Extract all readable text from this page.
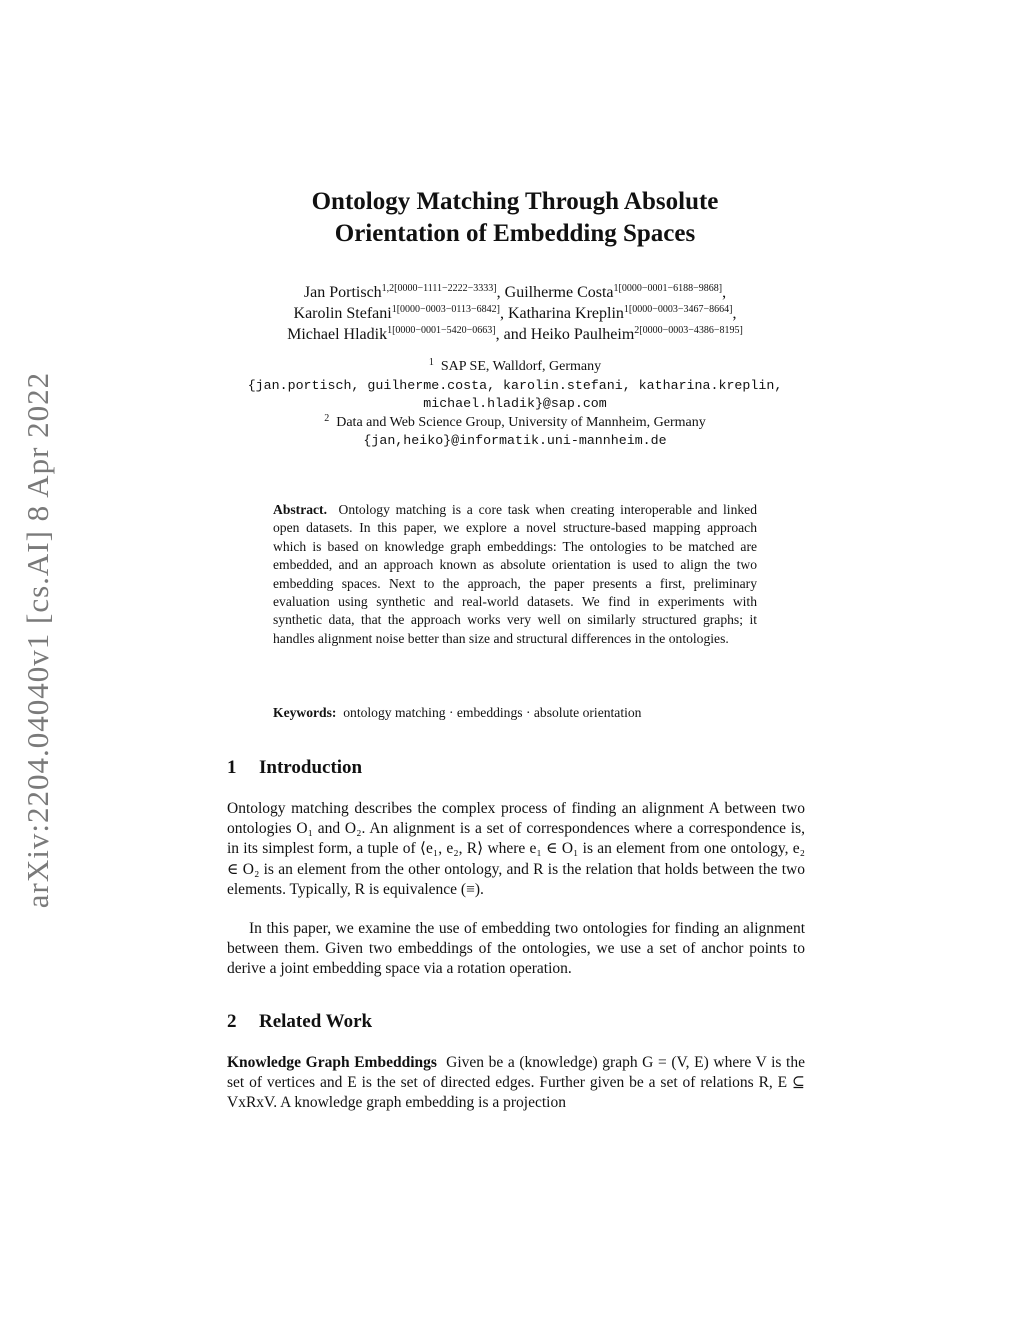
arXiv:2204.04040v1 [cs.AI] 8 Apr 2022
Ontology Matching Through Absolute
Orientation of Embedding Spaces
Jan Portisch$^{1,2[0000-1111-2222-3333]}$, Guilherme Costa$^{1[0000-0001-6188-9868]}$,
Karolin Stefani$^{1[0000-0003-0113-6842]}$, Katharina Kreplin$^{1[0000-0003-3467-8664]}$,
Michael Hladik$^{1[0000-0001-5420-0663]}$, and Heiko Paulheim$^{2[0000-0003-4386-8195]}$
$^1$ SAP SE, Walldorf, Germany
{jan.portisch, guilherme.costa, karolin.stefani, katharina.kreplin,
michael.hladik}@sap.com
$^2$ Data and Web Science Group, University of Mannheim, Germany
{jan,heiko}@informatik.uni-mannheim.de
Abstract. Ontology matching is a core task when creating interoperable and linked open datasets. In this paper, we explore a novel structure-based mapping approach which is based on knowledge graph embeddings: The ontologies to be matched are embedded, and an approach known as absolute orientation is used to align the two embedding spaces. Next to the approach, the paper presents a first, preliminary evaluation using synthetic and real-world datasets. We find in experiments with synthetic data, that the approach works very well on similarly structured graphs; it handles alignment noise better than size and structural differences in the ontologies.
Keywords: ontology matching · embeddings · absolute orientation
1 Introduction
Ontology matching describes the complex process of finding an alignment A between two ontologies O₁ and O₂. An alignment is a set of correspondences where a correspondence is, in its simplest form, a tuple of ⟨e₁, e₂, R⟩ where e₁ ∈ O₁ is an element from one ontology, e₂ ∈ O₂ is an element from the other ontology, and R is the relation that holds between the two elements. Typically, R is equivalence (≡).
In this paper, we examine the use of embedding two ontologies for finding an alignment between them. Given two embeddings of the ontologies, we use a set of anchor points to derive a joint embedding space via a rotation operation.
2 Related Work
Knowledge Graph Embeddings Given be a (knowledge) graph G = (V, E) where V is the set of vertices and E is the set of directed edges. Further given be a set of relations R, E ⊆ VxRxV. A knowledge graph embedding is a projection
